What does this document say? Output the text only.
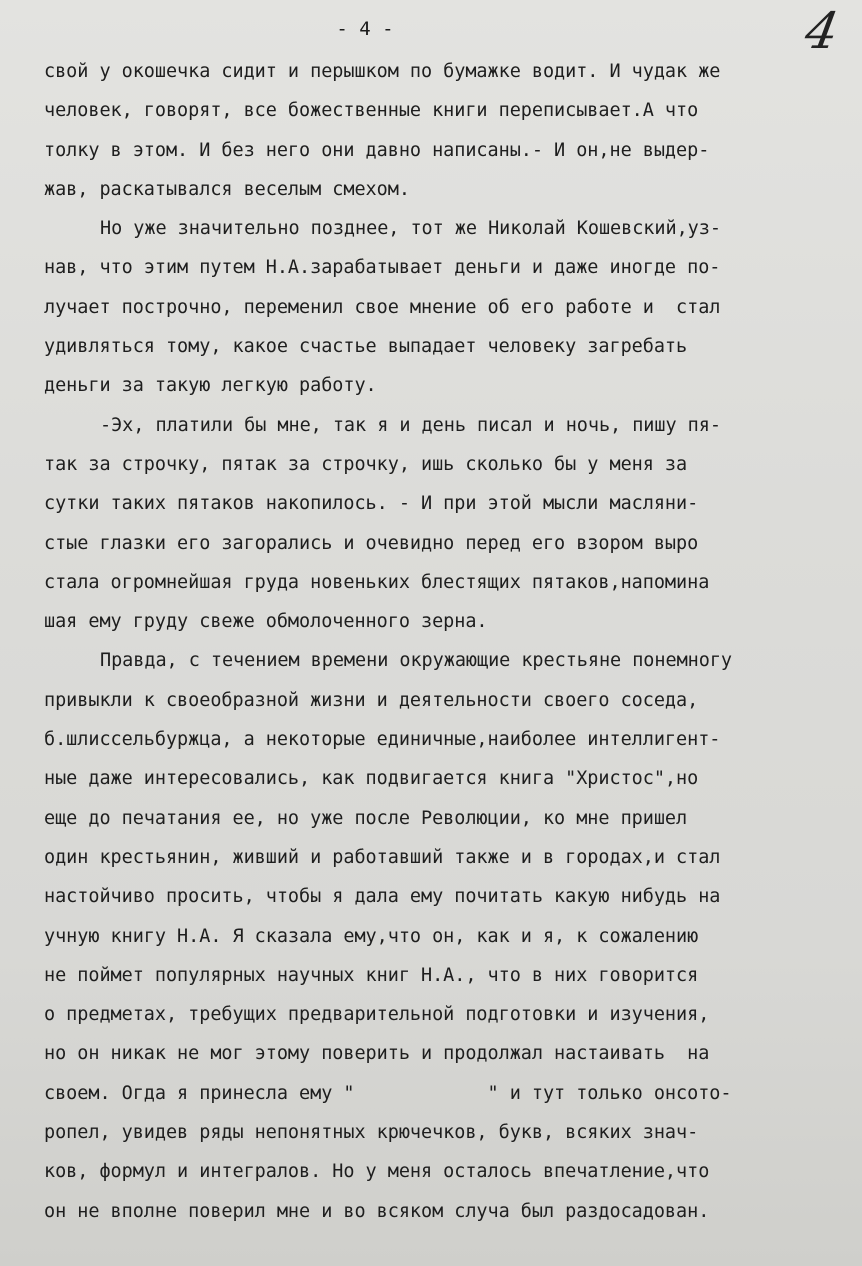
- 4 -	4
свой у окошечка сидит и перышком по бумажке водит. И чудак же
человек, говорят, все божественные книги переписывает.А что
толку в этом. И без него они давно написаны.- И он,не выдер-
жав, раскатывался веселым смехом.
Но уже значительно позднее, тот же Николай Кошевский,уз-
нав, что этим путем Н.А.зарабатывает деньги и даже иногде по-
лучает построчно, переменил свое мнение об его работе и  стал
удивляться тому, какое счастье выпадает человеку загребать
деньги за такую легкую работу.
-Эх, платили бы мне, так я и день писал и ночь, пишу пя-
так за строчку, пятак за строчку, ишь сколько бы у меня за
сутки таких пятаков накопилось. - И при этой мысли масляни-
стые глазки его загорались и очевидно перед его взором выро
стала огромнейшая груда новеньких блестящих пятаков,напомина
шая ему груду свеже обмолоченного зерна.
Правда, с течением времени окружающие крестьяне понемногу
привыкли к своеобразной жизни и деятельности своего соседа,
б.шлиссельбуржца, а некоторые единичные,наиболее интеллигент-
ные даже интересовались, как подвигается книга "Христос",но
еще до печатания ее, но уже после Революции, ко мне пришел
один крестьянин, живший и работавший также и в городах,и стал
настойчиво просить, чтобы я дала ему почитать какую нибудь на
учную книгу Н.А. Я сказала ему,что он, как и я, к сожалению
не поймет популярных научных книг Н.А., что в них говорится
о предметах, требущих предварительной подготовки и изучения,
но он никак не мог этому поверить и продолжал настаивать  на
своем. Огда я принесла ему "            " и тут только онсото-
ропел, увидев ряды непонятных крючечков, букв, всяких знач-
ков, формул и интегралов. Но у меня осталось впечатление,что
он не вполне поверил мне и во всяком случа был раздосадован.
